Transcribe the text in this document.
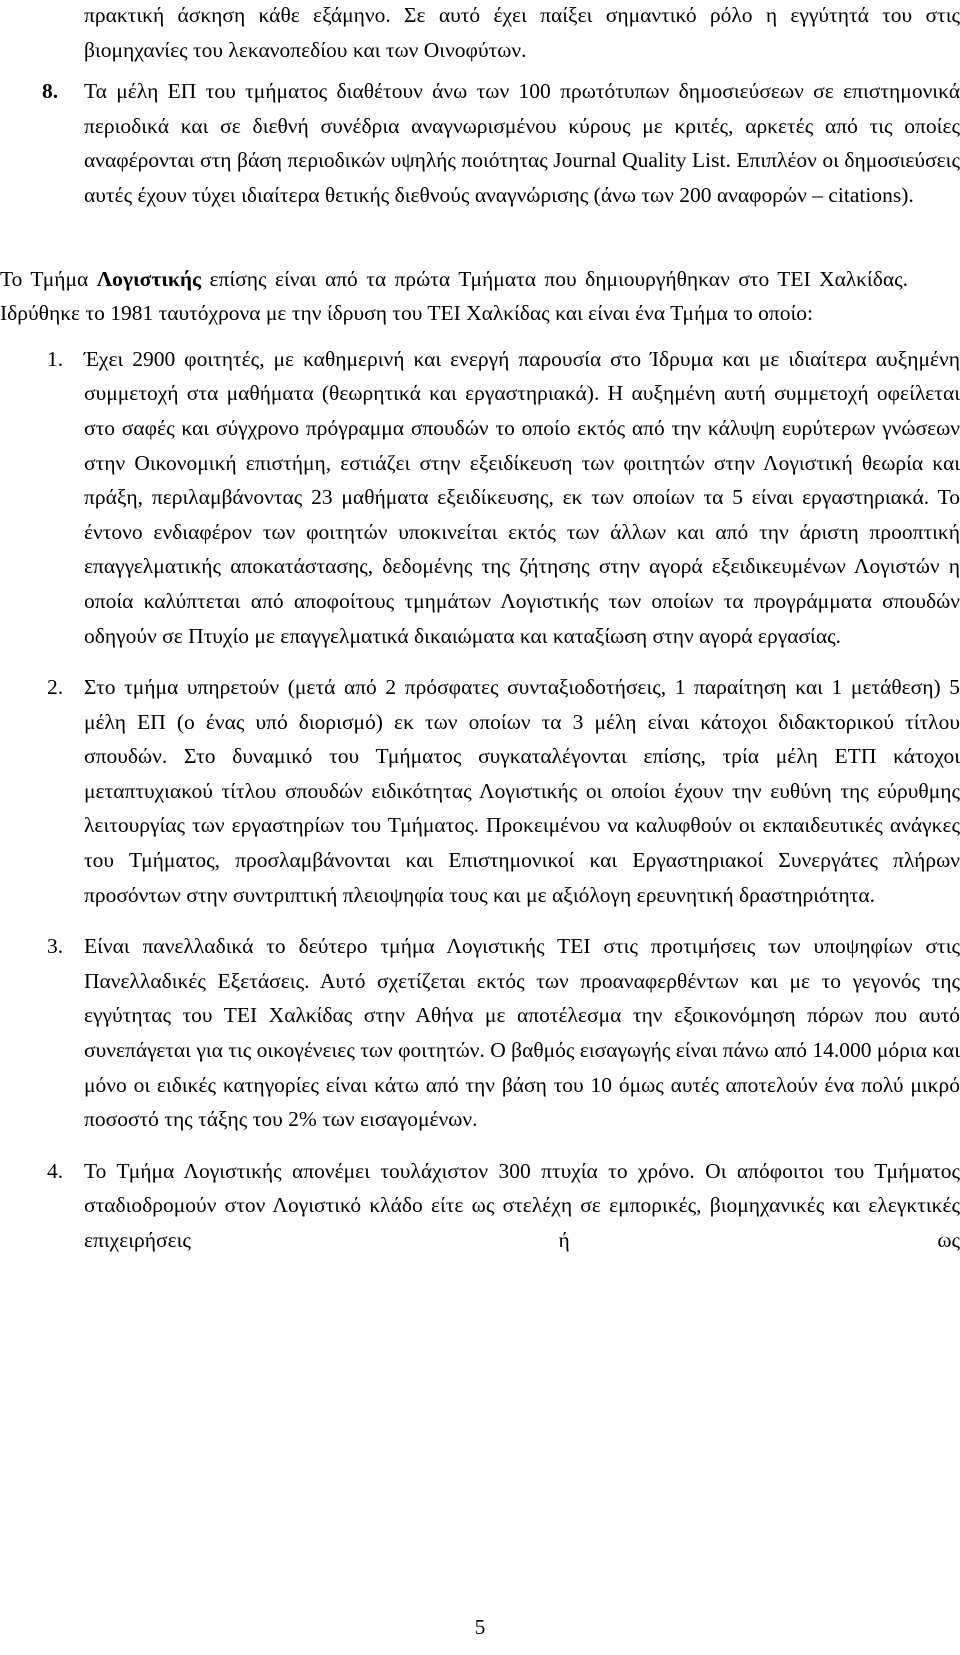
πρακτική άσκηση κάθε εξάμηνο. Σε αυτό έχει παίξει σημαντικό ρόλο η εγγύτητά του στις βιομηχανίες του λεκανοπεδίου και των Οινοφύτων.

8. Τα μέλη ΕΠ του τμήματος διαθέτουν άνω των 100 πρωτότυπων δημοσιεύσεων σε επιστημονικά περιοδικά και σε διεθνή συνέδρια αναγνωρισμένου κύρους με κριτές, αρκετές από τις οποίες αναφέρονται στη βάση περιοδικών υψηλής ποιότητας Journal Quality List. Επιπλέον οι δημοσιεύσεις αυτές έχουν τύχει ιδιαίτερα θετικής διεθνούς αναγνώρισης (άνω των 200 αναφορών – citations).

Το Τμήμα Λογιστικής επίσης είναι από τα πρώτα Τμήματα που δημιουργήθηκαν στο ΤΕΙ Χαλκίδας. Ιδρύθηκε το 1981 ταυτόχρονα με την ίδρυση του ΤΕΙ Χαλκίδας και είναι ένα Τμήμα το οποίο:

1. Έχει 2900 φοιτητές, με καθημερινή και ενεργή παρουσία στο Ίδρυμα και με ιδιαίτερα αυξημένη συμμετοχή στα μαθήματα (θεωρητικά και εργαστηριακά). Η αυξημένη αυτή συμμετοχή οφείλεται στο σαφές και σύγχρονο πρόγραμμα σπουδών το οποίο εκτός από την κάλυψη ευρύτερων γνώσεων στην Οικονομική επιστήμη, εστιάζει στην εξειδίκευση των φοιτητών στην Λογιστική θεωρία και πράξη, περιλαμβάνοντας 23 μαθήματα εξειδίκευσης, εκ των οποίων τα 5 είναι εργαστηριακά. Το έντονο ενδιαφέρον των φοιτητών υποκινείται εκτός των άλλων και από την άριστη προοπτική επαγγελματικής αποκατάστασης, δεδομένης της ζήτησης στην αγορά εξειδικευμένων Λογιστών η οποία καλύπτεται από αποφοίτους τμημάτων Λογιστικής των οποίων τα προγράμματα σπουδών οδηγούν σε Πτυχίο με επαγγελματικά δικαιώματα και καταξίωση στην αγορά εργασίας.

2. Στο τμήμα υπηρετούν (μετά από 2 πρόσφατες συνταξιοδοτήσεις, 1 παραίτηση και 1 μετάθεση) 5 μέλη ΕΠ (ο ένας υπό διορισμό) εκ των οποίων τα 3 μέλη είναι κάτοχοι διδακτορικού τίτλου σπουδών. Στο δυναμικό του Τμήματος συγκαταλέγονται επίσης, τρία μέλη ΕΤΠ κάτοχοι μεταπτυχιακού τίτλου σπουδών ειδικότητας Λογιστικής οι οποίοι έχουν την ευθύνη της εύρυθμης λειτουργίας των εργαστηρίων του Τμήματος. Προκειμένου να καλυφθούν οι εκπαιδευτικές ανάγκες του Τμήματος, προσλαμβάνονται και Επιστημονικοί και Εργαστηριακοί Συνεργάτες πλήρων προσόντων στην συντριπτική πλειοψηφία τους και με αξιόλογη ερευνητική δραστηριότητα.

3. Είναι πανελλαδικά το δεύτερο τμήμα Λογιστικής ΤΕΙ στις προτιμήσεις των υποψηφίων στις Πανελλαδικές Εξετάσεις. Αυτό σχετίζεται εκτός των προαναφερθέντων και με το γεγονός της εγγύτητας του ΤΕΙ Χαλκίδας στην Αθήνα με αποτέλεσμα την εξοικονόμηση πόρων που αυτό συνεπάγεται για τις οικογένειες των φοιτητών. Ο βαθμός εισαγωγής είναι πάνω από 14.000 μόρια και μόνο οι ειδικές κατηγορίες είναι κάτω από την βάση του 10 όμως αυτές αποτελούν ένα πολύ μικρό ποσοστό της τάξης του 2% των εισαγομένων.

4. Το Τμήμα Λογιστικής απονέμει τουλάχιστον 300 πτυχία το χρόνο. Οι απόφοιτοι του Τμήματος σταδιοδρομούν στον Λογιστικό κλάδο είτε ως στελέχη σε εμπορικές, βιομηχανικές και ελεγκτικές επιχειρήσεις ή ως

5
